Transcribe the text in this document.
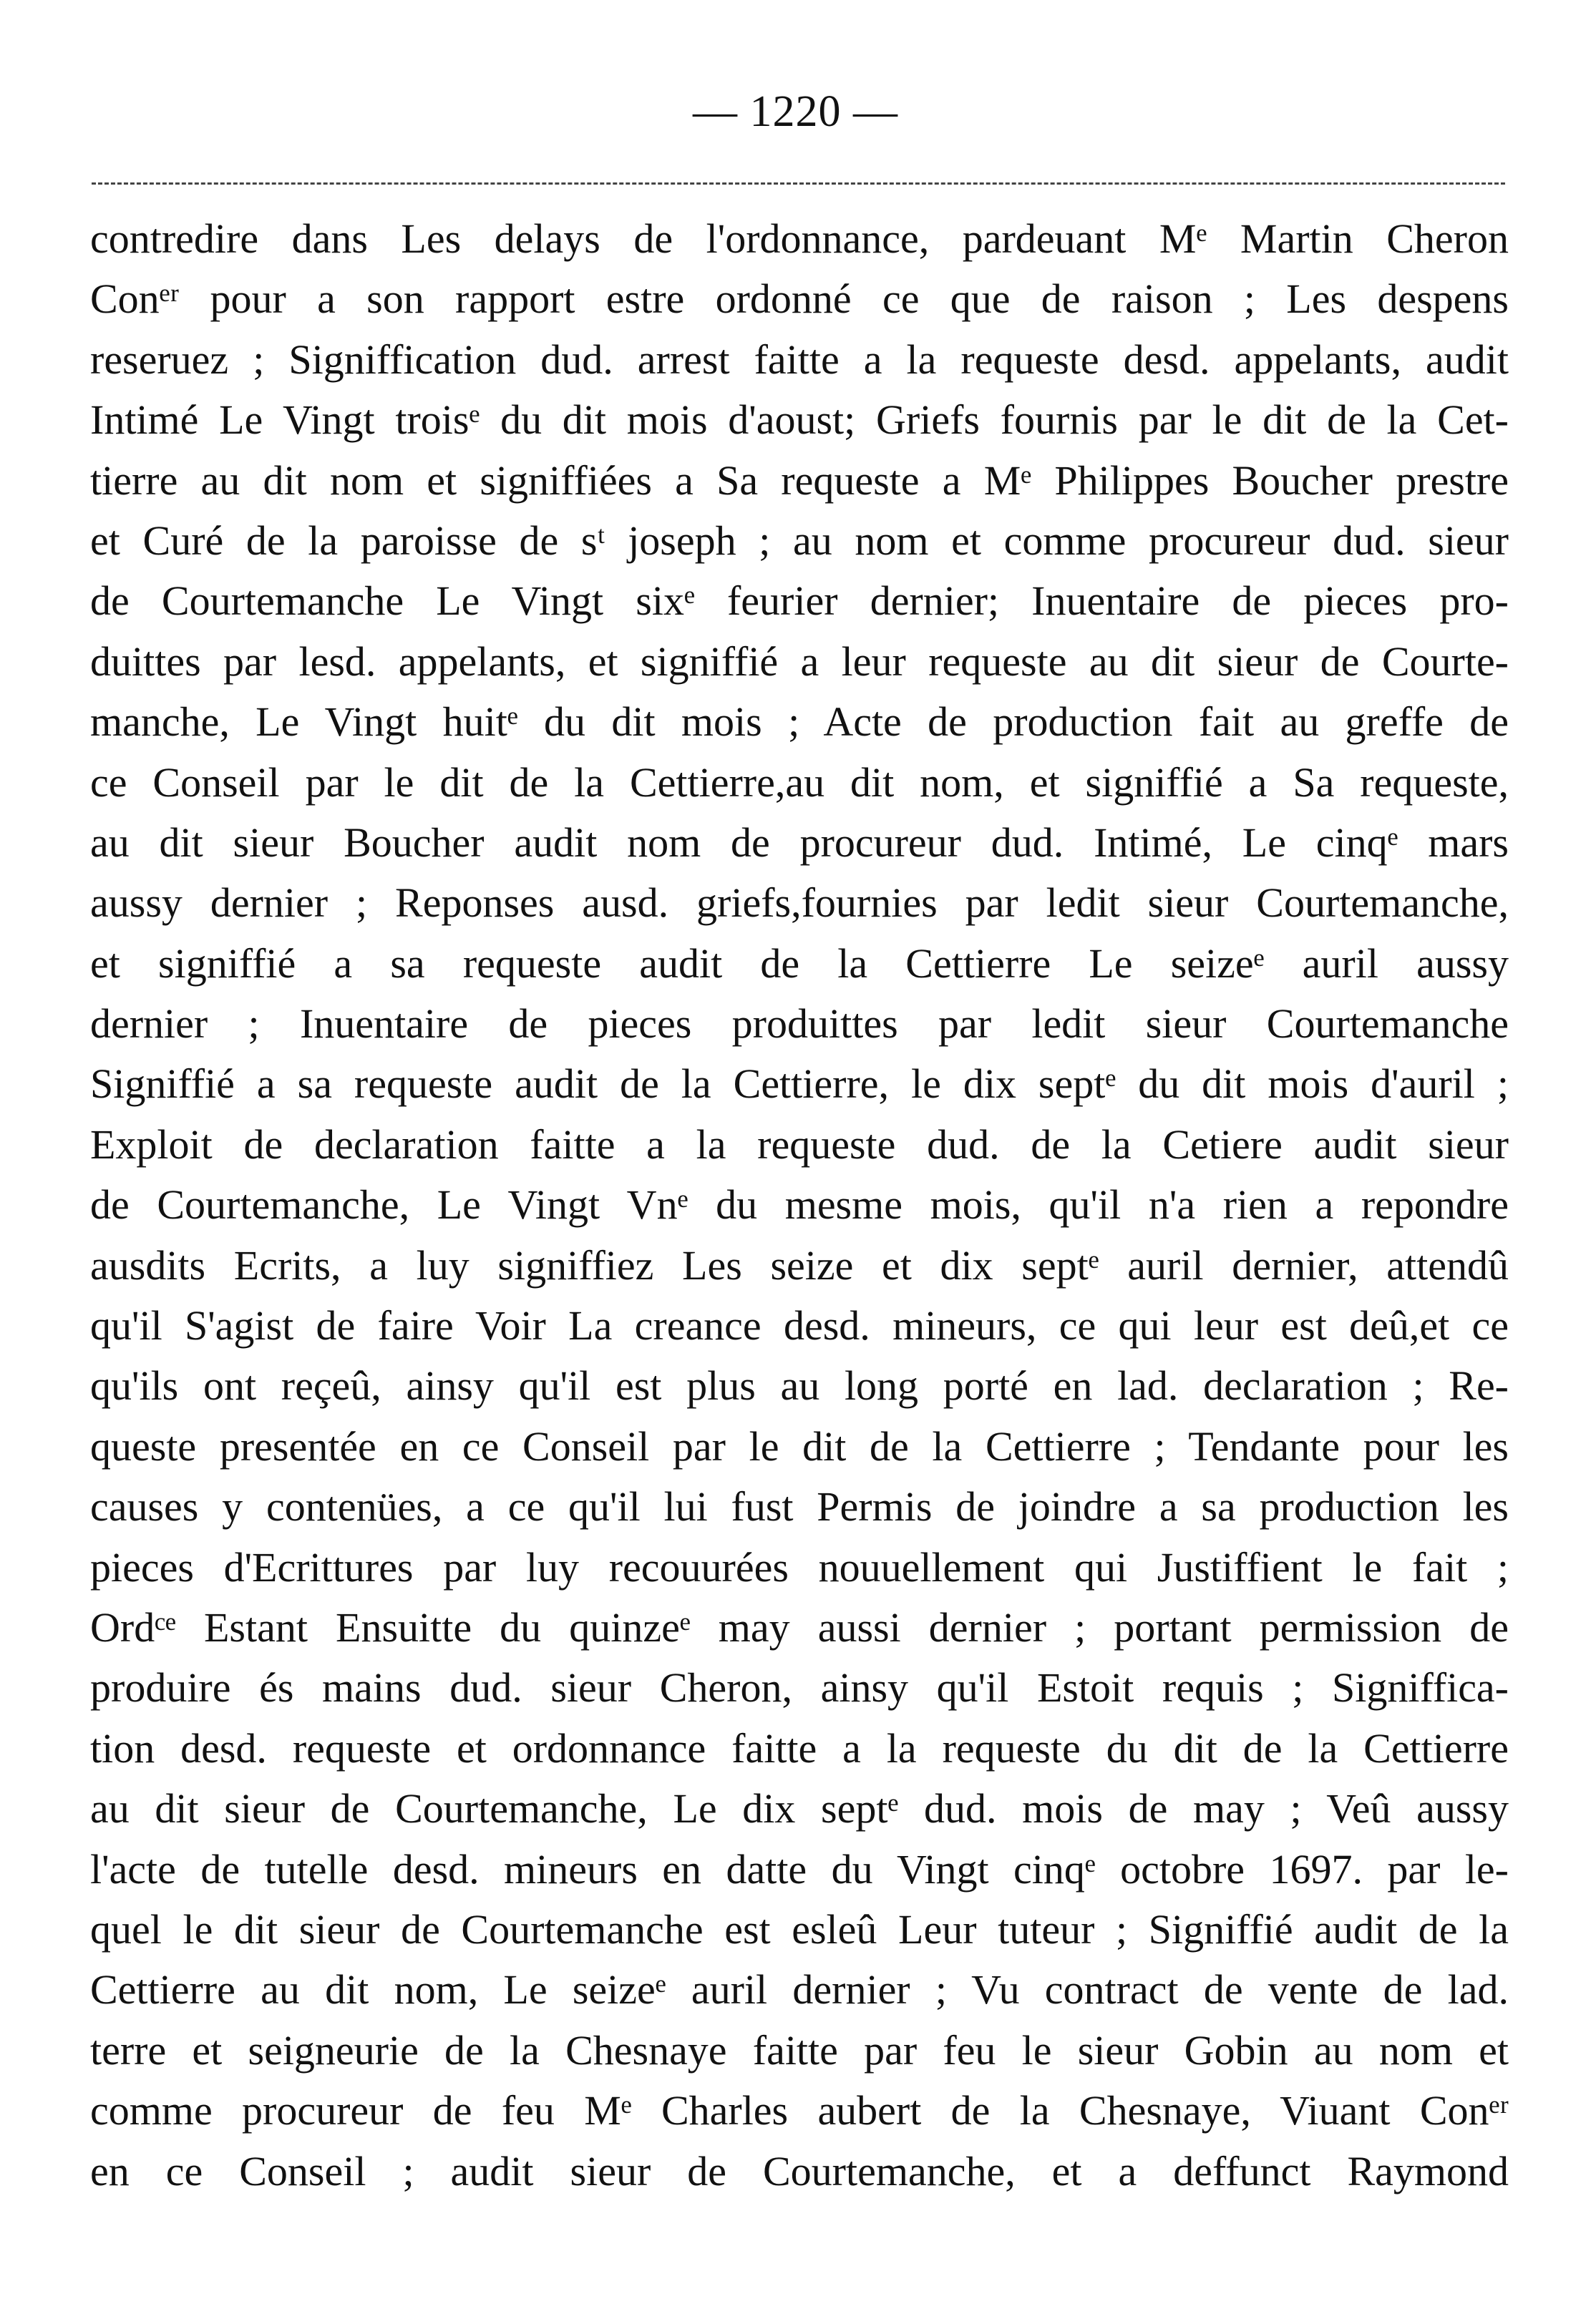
— 1220 —
contredire dans Les delays de l'ordonnance, pardeuant Mᵉ Martin Cheron
Conᵉʳ pour a son rapport estre ordonné ce que de raison ; Les despens
reseruez ; Signiffication dud. arrest faitte a la requeste desd. appelants, audit
Intimé Le Vingt troisᵉ du dit mois d'aoust; Griefs fournis par le dit de la Cet-
tierre au dit nom et signiffiées a Sa requeste a Mᵉ Philippes Boucher prestre
et Curé de la paroisse de sᵗ joseph ; au nom et comme procureur dud. sieur
de Courtemanche Le Vingt sixᵉ feurier dernier; Inuentaire de pieces pro-
duittes par lesd. appelants, et signiffié a leur requeste au dit sieur de Courte-
manche, Le Vingt huitᵉ du dit mois ; Acte de production fait au greffe de
ce Conseil par le dit de la Cettierre,au dit nom, et signiffié a Sa requeste,
au dit sieur Boucher audit nom de procureur dud. Intimé, Le cinqᵉ mars
aussy dernier ; Reponses ausd. griefs,fournies par ledit sieur Courtemanche,
et signiffié a sa requeste audit de la Cettierre Le seizeᵉ auril aussy
dernier ; Inuentaire de pieces produittes par ledit sieur Courtemanche
Signiffié a sa requeste audit de la Cettierre, le dix septᵉ du dit mois d'auril ;
Exploit de declaration faitte a la requeste dud. de la Cetiere audit sieur
de Courtemanche, Le Vingt Vnᵉ du mesme mois, qu'il n'a rien a repondre
ausdits Ecrits, a luy signiffiez Les seize et dix septᵉ auril dernier, attendû
qu'il S'agist de faire Voir La creance desd. mineurs, ce qui leur est deû,et ce
qu'ils ont reçeû, ainsy qu'il est plus au long porté en lad. declaration ; Re-
queste presentée en ce Conseil par le dit de la Cettierre ; Tendante pour les
causes y contenües, a ce qu'il lui fust Permis de joindre a sa production les
pieces d'Ecrittures par luy recouurées nouuellement qui Justiffient le fait ;
Ordᶜᵉ Estant Ensuitte du quinzeᵉ may aussi dernier ; portant permission de
produire és mains dud. sieur Cheron, ainsy qu'il Estoit requis ; Signiffica-
tion desd. requeste et ordonnance faitte a la requeste du dit de la Cettierre
au dit sieur de Courtemanche, Le dix septᵉ dud. mois de may ; Veû aussy
l'acte de tutelle desd. mineurs en datte du Vingt cinqᵉ octobre 1697. par le-
quel le dit sieur de Courtemanche est esleû Leur tuteur ; Signiffié audit de la
Cettierre au dit nom, Le seizeᵉ auril dernier ; Vu contract de vente de lad.
terre et seigneurie de la Chesnaye faitte par feu le sieur Gobin au nom et
comme procureur de feu Mᵉ Charles aubert de la Chesnaye, Viuant Conᵉʳ
en ce Conseil ; audit sieur de Courtemanche, et a deffunct Raymond
